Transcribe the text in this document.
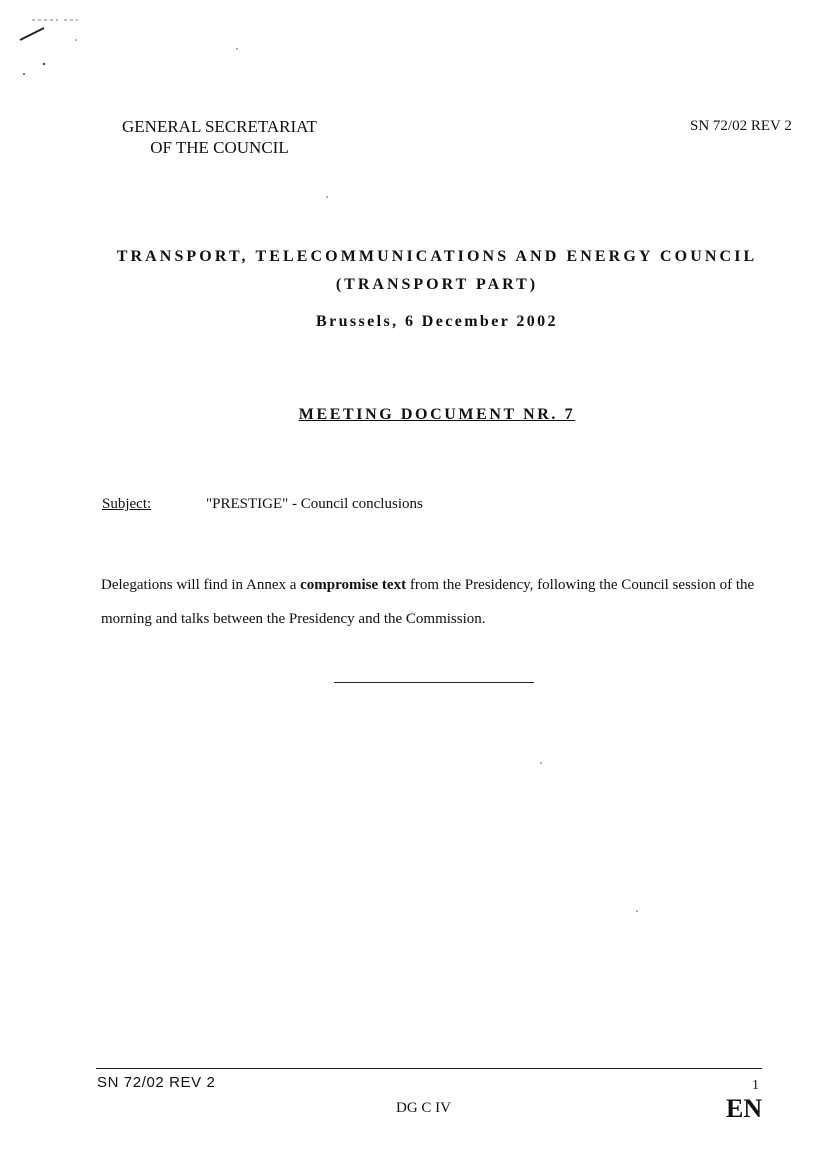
GENERAL SECRETARIAT
OF THE COUNCIL
SN 72/02 REV 2
TRANSPORT, TELECOMMUNICATIONS AND ENERGY COUNCIL
(TRANSPORT PART)
Brussels, 6 December 2002
MEETING DOCUMENT NR. 7
Subject:	"PRESTIGE" - Council conclusions
Delegations will find in Annex a compromise text from the Presidency, following the Council session of the morning and talks between the Presidency and the Commission.
SN 72/02 REV 2	1
DG C IV	EN
